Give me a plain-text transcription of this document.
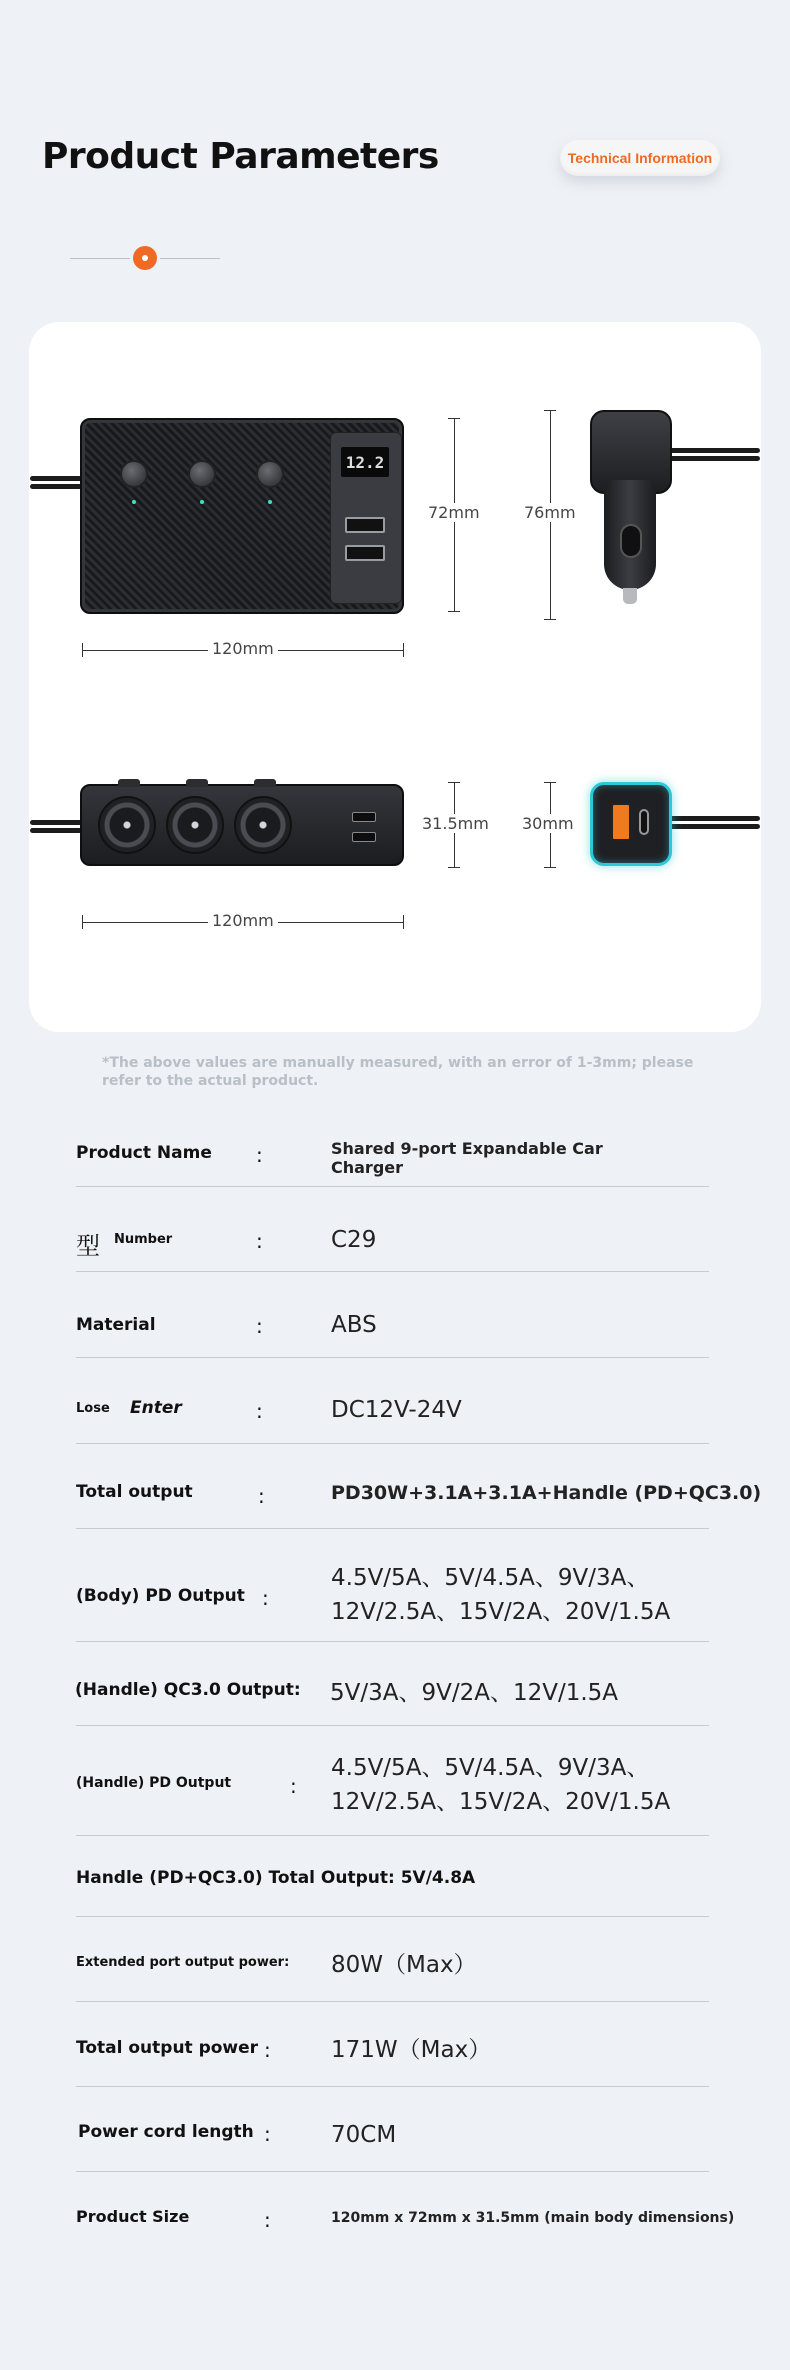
Product Parameters	Technical Information
12.2
120mm
72mm	76mm
120mm
31.5mm 30mm
*The above values are manually measured, with an error of 1-3mm; please refer to the actual product.
Product Name :	Shared 9-port Expandable Car
Charger
型 Number	:	C29
Material	:	ABS
Lose Enter	:	DC12V-24V
Total output	:	PD30W+3.1A+3.1A+Handle (PD+QC3.0)
(Body) PD Output :
4.5V/5A、5V/4.5A、9V/3A、
12V/2.5A、15V/2A、20V/1.5A
(Handle) QC3.0 Output: 5V/3A、9V/2A、12V/1.5A
(Handle) PD Output	:
4.5V/5A、5V/4.5A、9V/3A、
12V/2.5A、15V/2A、20V/1.5A
Handle (PD+QC3.0) Total Output: 5V/4.8A
Extended port output power: 80W（Max）
Total output power :	171W（Max）
Power cord length :	70CM
Product Size	:	120mm x 72mm x 31.5mm (main body dimensions)
